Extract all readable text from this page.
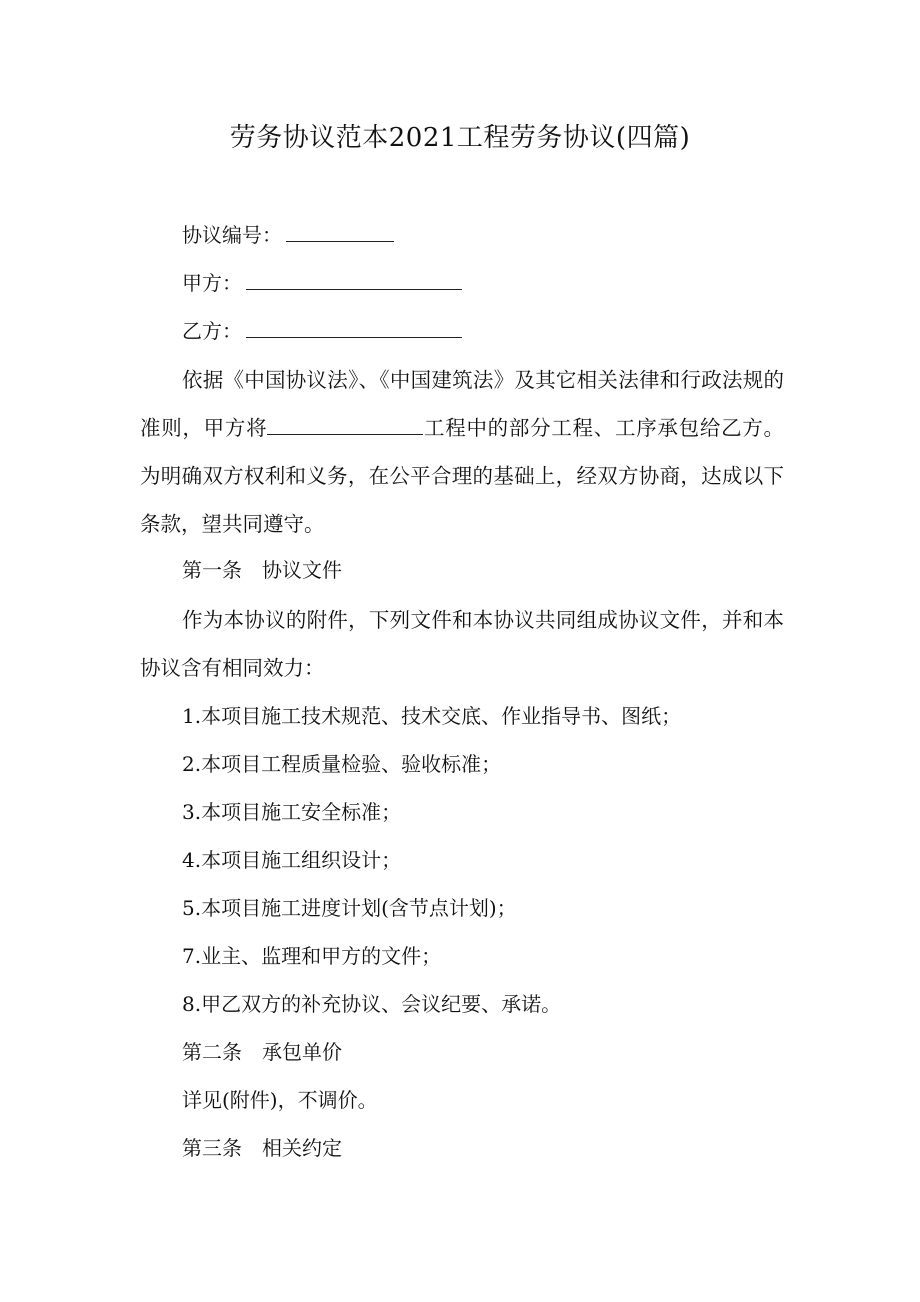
劳务协议范本2021工程劳务协议(四篇)
协议编号：
甲方：
乙方：
依据《中国协议法》、《中国建筑法》及其它相关法律和行政法规的准则，甲方将	工程中的部分工程、工序承包给乙方。为明确双方权利和义务，在公平合理的基础上，经双方协商，达成以下条款，望共同遵守。
第一条　协议文件
作为本协议的附件，下列文件和本协议共同组成协议文件，并和本协议含有相同效力：
1.本项目施工技术规范、技术交底、作业指导书、图纸；
2.本项目工程质量检验、验收标准；
3.本项目施工安全标准；
4.本项目施工组织设计；
5.本项目施工进度计划(含节点计划)；
7.业主、监理和甲方的文件；
8.甲乙双方的补充协议、会议纪要、承诺。
第二条　承包单价
详见(附件)，不调价。
第三条　相关约定
